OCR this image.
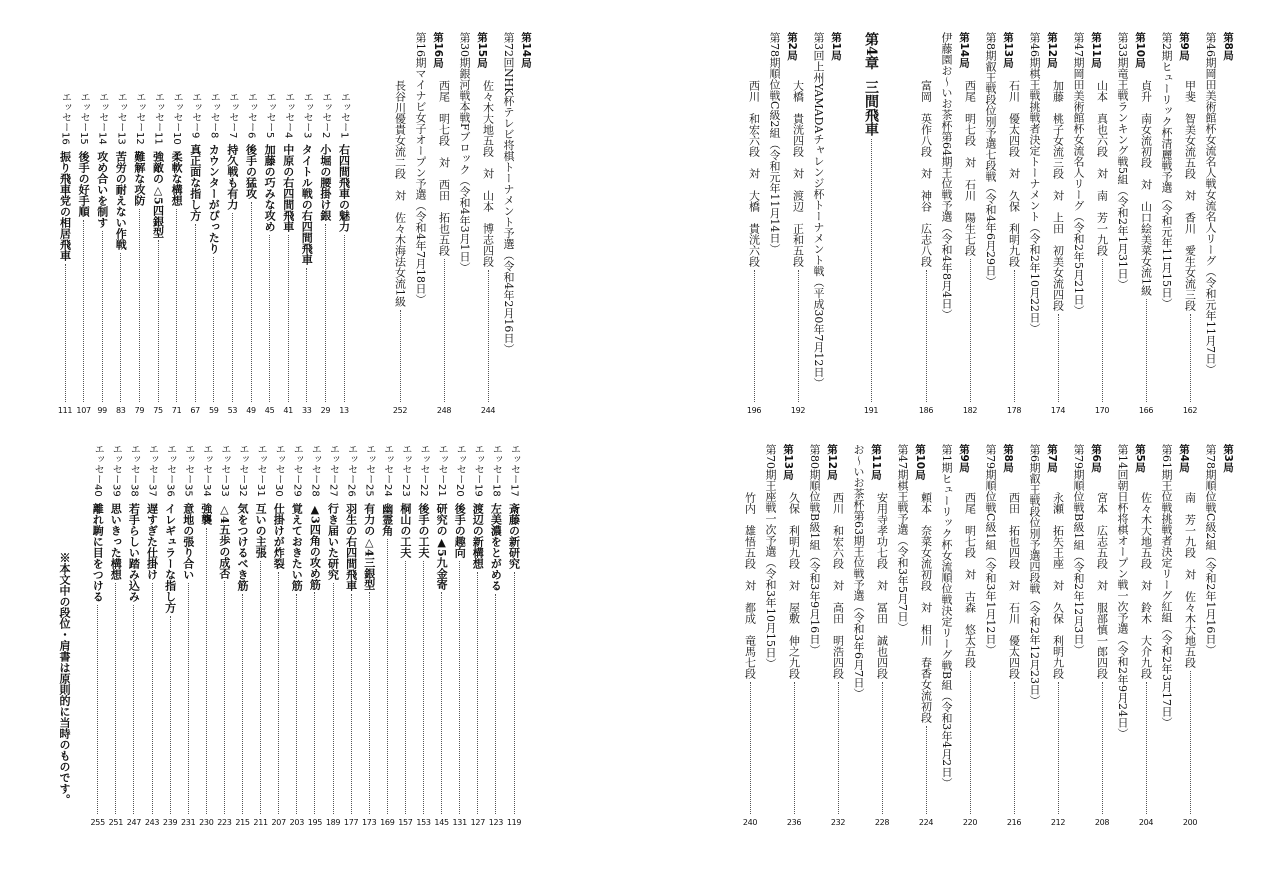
第8局
第46期岡田美術館杯女流名人戦女流名人リーグ（令和元年11月7日）
甲斐　智美女流五段　対　香川　愛生女流三段
162
第9局
第2期ヒューリック杯清麗戦予選（令和元年11月15日）
貞升　南女流初段　対　山口絵美菜女流1級
166
第10局
第33期竜王戦ランキング戦5組（令和2年1月31日）
山本　真也六段　対　南　芳一九段
170
第11局
第47期岡田美術館杯女流名人リーグ（令和2年5月21日）
加藤　桃子女流三段　対　上田　初美女流四段
174
第12局
第46期棋王戦挑戦者決定トーナメント（令和2年10月22日）
石川　優太四段　対　久保　利明九段
178
第13局
第8期叡王戦段位別予選七段戦（令和4年6月29日）
西尾　明七段　対　石川　陽生七段
182
第14局
伊藤園お〜いお茶杯第64期王位戦予選（令和4年8月4日）
富岡　英作八段　対　神谷　広志八段
186
第4章
三間飛車
191
第1局
第3回上州YAMADAチャレンジ杯トーナメント戦（平成30年7月12日）
大橋　貴洸四段　対　渡辺　正和五段
192
第2局
第78期順位戦C級2組（令和元年11月14日）
西川　和宏六段　対　大橋　貴洸六段
196
第14局
第72回NHK杯テレビ将棋トーナメント予選（令和4年2月16日）
佐々木大地五段　対　山本　博志四段
244
第15局
第30期銀河戦本戦Fブロック（令和4年3月1日）
西尾　明七段　対　西田　拓也五段
248
第16局
第16期マイナビ女子オープン予選（令和4年7月18日）
長谷川優貴女流二段　対　佐々木海法女流1級
252
エッセー1
右四間飛車の魅力
13
エッセー2
小堀の腰掛け銀
29
エッセー3
タイトル戦の右四間飛車
33
エッセー4
中原の右四間飛車
41
エッセー5
加藤の巧みな攻め
45
エッセー6
後手の猛攻
49
エッセー7
持久戦も有力
53
エッセー8
カウンターがぴったり
59
エッセー9
真正面な指し方
67
エッセー10
柔軟な構想
71
エッセー11
強敵の△5四銀型
75
エッセー12
難解な攻防
79
エッセー13
苦労の耐えない作戦
83
エッセー14
攻め合いを制す
99
エッセー15
後手の好手順
107
エッセー16
振り飛車党の相居飛車
111
第3局
第78期順位戦C級2組（令和2年1月16日）
南　芳一九段　対　佐々木大地五段
200
第4局
第61期王位戦挑戦者決定リーグ紅組（令和2年3月17日）
佐々木大地五段　対　鈴木　大介九段
204
第5局
第14回朝日杯将棋オープン戦一次予選（令和2年9月24日）
宮本　広志五段　対　服部慎一郎四段
208
第6局
第79期順位戦B級1組（令和2年12月3日）
永瀬　拓矢王座　対　久保　利明九段
212
第7局
第6期叡王戦段位別予選四段戦（令和2年12月23日）
西田　拓也四段　対　石川　優太四段
216
第8局
第79期順位戦C級1組（令和3年1月12日）
西尾　明七段　対　古森　悠太五段
220
第9局
第1期ヒューリック杯女流順位戦決定リーグ戦B組（令和3年4月2日）
頼本　奈菜女流初段　対　相川　春香女流初段
224
第10局
第47期棋王戦予選（令和3年5月7日）
安用寺孝功七段　対　冨田　誠也四段
228
第11局
お〜いお茶杯第63期王位戦予選（令和3年6月7日）
西川　和宏六段　対　高田　明浩四段
232
第12局
第80期順位戦B級1組（令和3年9月16日）
久保　利明九段　対　屋敷　伸之九段
236
第13局
第70期王座戦一次予選（令和3年10月15日）
竹内　雄悟五段　対　都成　竜馬七段
240
エッセー17
斎藤の新研究
119
エッセー18
左美濃をとがめる
123
エッセー19
渡辺の新構想
127
エッセー20
後手の趣向
131
エッセー21
研究の▲5九金寄
145
エッセー22
後手の工夫
153
エッセー23
桐山の工夫
157
エッセー24
幽霊角
169
エッセー25
有力の△4三銀型
173
エッセー26
羽生の右四間飛車
177
エッセー27
行き届いた研究
189
エッセー28
▲3四角の攻め筋
195
エッセー29
覚えておきたい筋
203
エッセー30
仕掛けが炸裂
207
エッセー31
互いの主張
211
エッセー32
気をつけるべき筋
215
エッセー33
△4五歩の成否
223
エッセー34
強襲
230
エッセー35
意地の張り合い
231
エッセー36
イレギュラーな指し方
239
エッセー37
遅すぎた仕掛け
243
エッセー38
若手らしい踏み込み
247
エッセー39
思いきった構想
251
エッセー40
離れ駒に目をつける
255
※本文中の段位・肩書は原則的に当時のものです。
